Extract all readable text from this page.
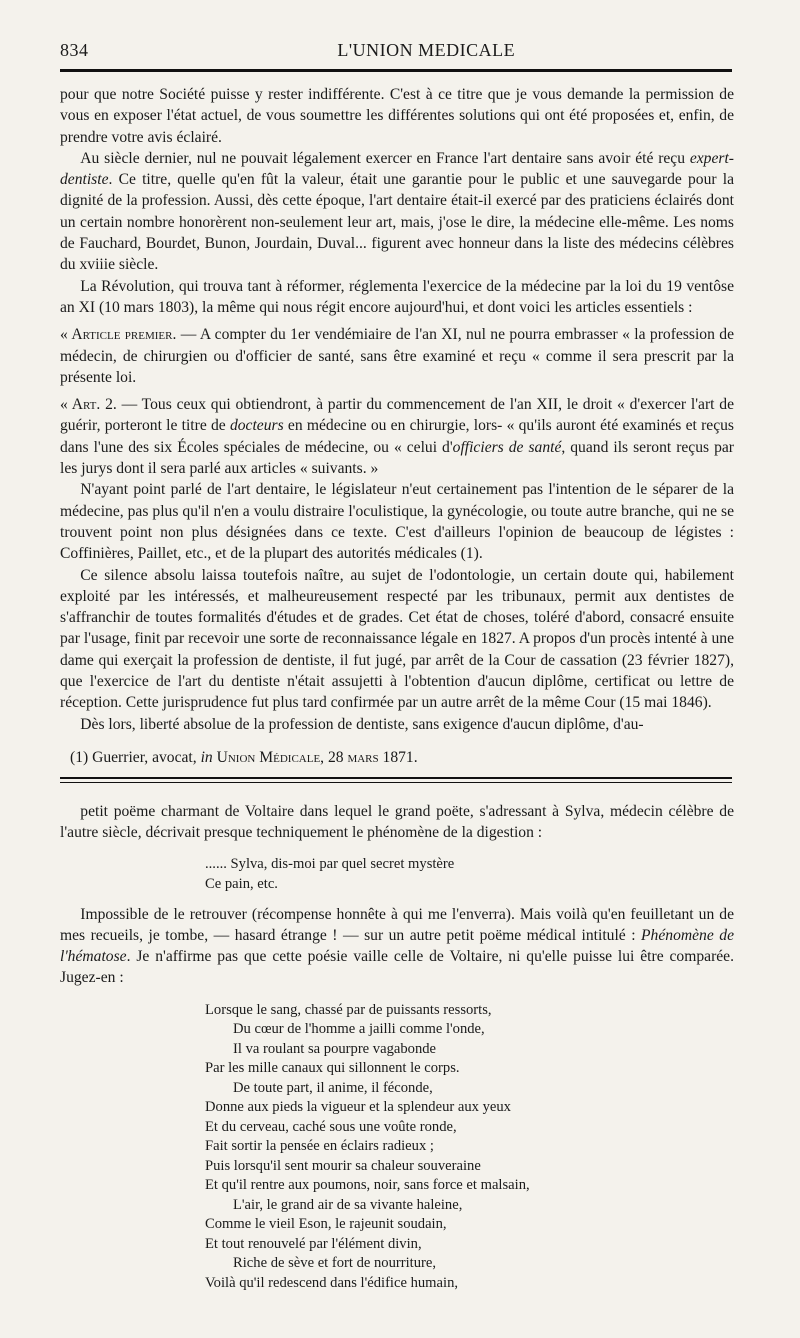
834	L'UNION MEDICALE

pour que notre Société puisse y rester indifférente. C'est à ce titre que je vous demande la permission de vous en exposer l'état actuel, de vous soumettre les différentes solutions qui ont été proposées et, enfin, de prendre votre avis éclairé.

Au siècle dernier, nul ne pouvait légalement exercer en France l'art dentaire sans avoir été reçu expert-dentiste. Ce titre, quelle qu'en fût la valeur, était une garantie pour le public et une sauvegarde pour la dignité de la profession. Aussi, dès cette époque, l'art dentaire était-il exercé par des praticiens éclairés dont un certain nombre honorèrent non-seulement leur art, mais, j'ose le dire, la médecine elle-même. Les noms de Fauchard, Bourdet, Bunon, Jourdain, Duval... figurent avec honneur dans la liste des médecins célèbres du xviiie siècle.

La Révolution, qui trouva tant à réformer, réglementa l'exercice de la médecine par la loi du 19 ventôse an XI (10 mars 1803), la même qui nous régit encore aujourd'hui, et dont voici les articles essentiels :

« Article premier. — A compter du 1er vendémiaire de l'an XI, nul ne pourra embrasser « la profession de médecin, de chirurgien ou d'officier de santé, sans être examiné et reçu « comme il sera prescrit par la présente loi.

« Art. 2. — Tous ceux qui obtiendront, à partir du commencement de l'an XII, le droit « d'exercer l'art de guérir, porteront le titre de docteurs en médecine ou en chirurgie, lors- « qu'ils auront été examinés et reçus dans l'une des six Écoles spéciales de médecine, ou « celui d'officiers de santé, quand ils seront reçus par les jurys dont il sera parlé aux articles « suivants. »

N'ayant point parlé de l'art dentaire, le législateur n'eut certainement pas l'intention de le séparer de la médecine, pas plus qu'il n'en a voulu distraire l'oculistique, la gynécologie, ou toute autre branche, qui ne se trouvent point non plus désignées dans ce texte. C'est d'ailleurs l'opinion de beaucoup de légistes : Coffinières, Paillet, etc., et de la plupart des autorités médicales (1).

Ce silence absolu laissa toutefois naître, au sujet de l'odontologie, un certain doute qui, habilement exploité par les intéressés, et malheureusement respecté par les tribunaux, permit aux dentistes de s'affranchir de toutes formalités d'études et de grades. Cet état de choses, toléré d'abord, consacré ensuite par l'usage, finit par recevoir une sorte de reconnaissance légale en 1827. A propos d'un procès intenté à une dame qui exerçait la profession de dentiste, il fut jugé, par arrêt de la Cour de cassation (23 février 1827), que l'exercice de l'art du dentiste n'était assujetti à l'obtention d'aucun diplôme, certificat ou lettre de réception. Cette jurisprudence fut plus tard confirmée par un autre arrêt de la même Cour (15 mai 1846).

Dès lors, liberté absolue de la profession de dentiste, sans exigence d'aucun diplôme, d'au-

(1) Guerrier, avocat, in Union Médicale, 28 mars 1871.

petit poëme charmant de Voltaire dans lequel le grand poëte, s'adressant à Sylva, médecin célèbre de l'autre siècle, décrivait presque techniquement le phénomène de la digestion :

...... Sylva, dis-moi par quel secret mystère
Ce pain, etc.

Impossible de le retrouver (récompense honnête à qui me l'enverra). Mais voilà qu'en feuilletant un de mes recueils, je tombe, — hasard étrange ! — sur un autre petit poëme médical intitulé : Phénomène de l'hématose. Je n'affirme pas que cette poésie vaille celle de Voltaire, ni qu'elle puisse lui être comparée. Jugez-en :

Lorsque le sang, chassé par de puissants ressorts,
Du cœur de l'homme a jailli comme l'onde,
Il va roulant sa pourpre vagabonde
Par les mille canaux qui sillonnent le corps.
De toute part, il anime, il féconde,
Donne aux pieds la vigueur et la splendeur aux yeux
Et du cerveau, caché sous une voûte ronde,
Fait sortir la pensée en éclairs radieux ;
Puis lorsqu'il sent mourir sa chaleur souveraine
Et qu'il rentre aux poumons, noir, sans force et malsain,
L'air, le grand air de sa vivante haleine,
Comme le vieil Eson, le rajeunit soudain,
Et tout renouvelé par l'élément divin,
Riche de sève et fort de nourriture,
Voilà qu'il redescend dans l'édifice humain,
